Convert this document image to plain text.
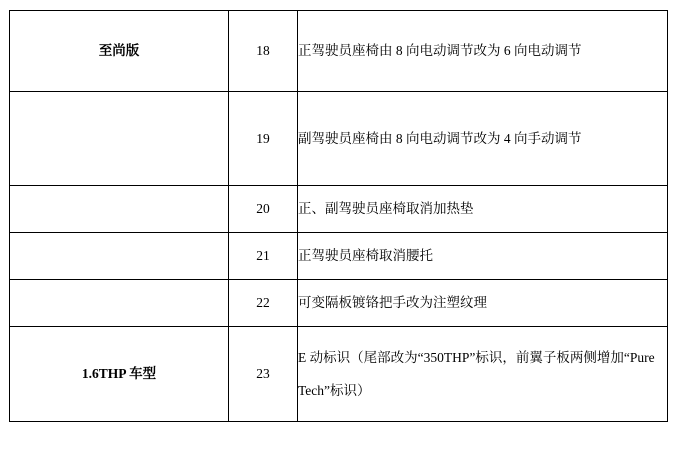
至尚版	18	正驾驶员座椅由 8 向电动调节改为 6 向电动调节
	19	副驾驶员座椅由 8 向电动调节改为 4 向手动调节
	20	正、副驾驶员座椅取消加热垫
	21	正驾驶员座椅取消腰托
	22	可变隔板镀铬把手改为注塑纹理
1.6THP 车型	23	E 动标识（尾部改为“350THP”标识，前翼子板两侧增加“Pure Tech”标识）
